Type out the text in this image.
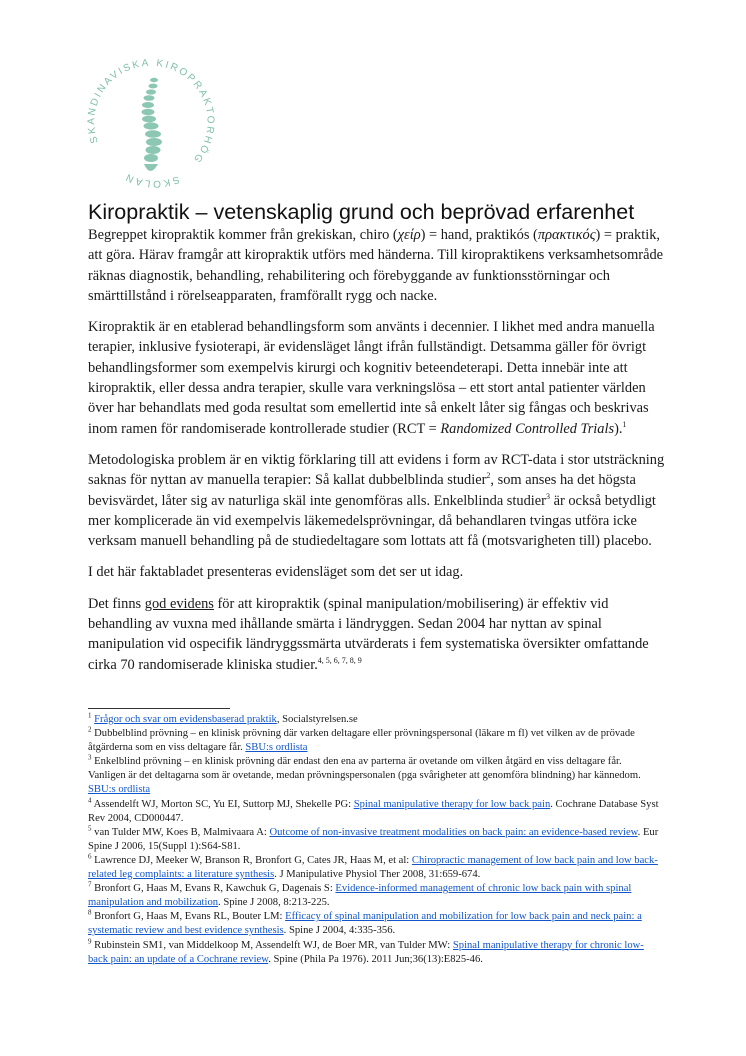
SKANDINAVISKA KIROPRAKTORHÖG
SKOLAN
Kiropraktik – vetenskaplig grund och beprövad erfarenhet

Begreppet kiropraktik kommer från grekiskan, chiro (χείρ) = hand, praktikós (πρακτικός) = praktik, att göra. Härav framgår att kiropraktik utförs med händerna. Till kiropraktikens verksamhetsområde räknas diagnostik, behandling, rehabilitering och förebyggande av funktionsstörningar och smärttillstånd i rörelseapparaten, framförallt rygg och nacke.

Kiropraktik är en etablerad behandlingsform som använts i decennier. I likhet med andra manuella terapier, inklusive fysioterapi, är evidensläget långt ifrån fullständigt. Detsamma gäller för övrigt behandlingsformer som exempelvis kirurgi och kognitiv beteendeterapi. Detta innebär inte att kiropraktik, eller dessa andra terapier, skulle vara verkningslösa – ett stort antal patienter världen över har behandlats med goda resultat som emellertid inte så enkelt låter sig fångas och beskrivas inom ramen för randomiserade kontrollerade studier (RCT = Randomized Controlled Trials).$^1$

Metodologiska problem är en viktig förklaring till att evidens i form av RCT-data i stor utsträckning saknas för nyttan av manuella terapier: Så kallat dubbelblinda studier$^2$, som anses ha det högsta bevisvärdet, låter sig av naturliga skäl inte genomföras alls. Enkelblinda studier$^3$ är också betydligt mer komplicerade än vid exempelvis läkemedelsprövningar, då behandlaren tvingas utföra icke verksam manuell behandling på de studiedeltagare som lottats att få (motsvarigheten till) placebo.

I det här faktabladet presenteras evidensläget som det ser ut idag.

Det finns god evidens för att kiropraktik (spinal manipulation/mobilisering) är effektiv vid behandling av vuxna med ihållande smärta i ländryggen. Sedan 2004 har nyttan av spinal manipulation vid ospecifik ländryggssmärta utvärderats i fem systematiska översikter omfattande cirka 70 randomiserade kliniska studier.$^{4, 5, 6, 7, 8, 9}$

$^1$ Frågor och svar om evidensbaserad praktik, Socialstyrelsen.se

$^2$ Dubbelblind prövning – en klinisk prövning där varken deltagare eller prövningspersonal (läkare m fl) vet vilken av de prövade åtgärderna som en viss deltagare får. SBU:s ordlista

$^3$ Enkelblind prövning – en klinisk prövning där endast den ena av parterna är ovetande om vilken åtgärd en viss deltagare får. Vanligen är det deltagarna som är ovetande, medan prövningspersonalen (pga svårigheter att genomföra blindning) har kännedom. SBU:s ordlista

$^4$ Assendelft WJ, Morton SC, Yu EI, Suttorp MJ, Shekelle PG: Spinal manipulative therapy for low back pain. Cochrane Database Syst Rev 2004, CD000447.

$^5$ van Tulder MW, Koes B, Malmivaara A: Outcome of non-invasive treatment modalities on back pain: an evidence-based review. Eur Spine J 2006, 15(Suppl 1):S64-S81.

$^6$ Lawrence DJ, Meeker W, Branson R, Bronfort G, Cates JR, Haas M, et al: Chiropractic management of low back pain and low back-related leg complaints: a literature synthesis. J Manipulative Physiol Ther 2008, 31:659-674.

$^7$ Bronfort G, Haas M, Evans R, Kawchuk G, Dagenais S: Evidence-informed management of chronic low back pain with spinal manipulation and mobilization. Spine J 2008, 8:213-225.

$^8$ Bronfort G, Haas M, Evans RL, Bouter LM: Efficacy of spinal manipulation and mobilization for low back pain and neck pain: a systematic review and best evidence synthesis. Spine J 2004, 4:335-356.

$^9$ Rubinstein SM1, van Middelkoop M, Assendelft WJ, de Boer MR, van Tulder MW: Spinal manipulative therapy for chronic low-back pain: an update of a Cochrane review. Spine (Phila Pa 1976). 2011 Jun;36(13):E825-46.
